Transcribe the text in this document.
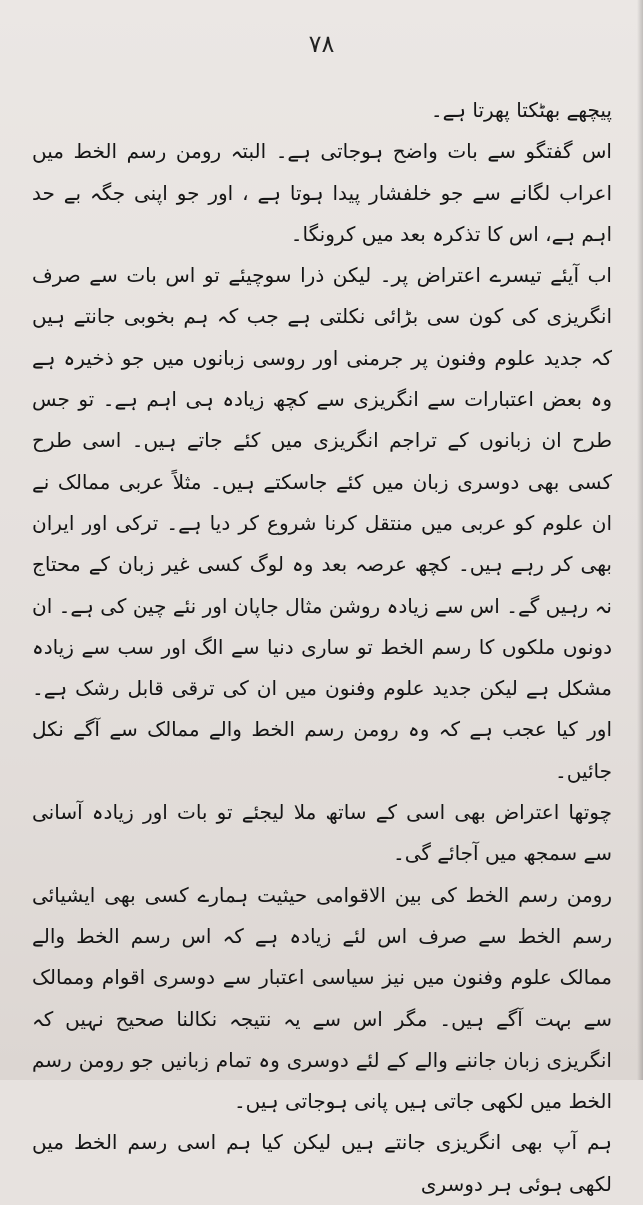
۷۸

پیچھے بھٹکتا پھرتا ہے۔

اس گفتگو سے بات واضح ہوجاتی ہے۔ البتہ رومن رسم الخط میں اعراب لگانے سے جو خلفشار پیدا ہوتا ہے ، اور جو اپنی جگہ بے حد اہم ہے، اس کا تذکرہ بعد میں کرونگا۔

اب آیئے تیسرے اعتراض پر۔ لیکن ذرا سوچیئے تو اس بات سے صرف انگریزی کی کون سی بڑائی نکلتی ہے جب کہ ہم بخوبی جانتے ہیں کہ جدید علوم وفنون پر جرمنی اور روسی زبانوں میں جو ذخیرہ ہے وہ بعض اعتبارات سے انگریزی سے کچھ زیادہ ہی اہم ہے۔ تو جس طرح ان زبانوں کے تراجم انگریزی میں کئے جاتے ہیں۔ اسی طرح کسی بھی دوسری زبان میں کئے جاسکتے ہیں۔ مثلاً عربی ممالک نے ان علوم کو عربی میں منتقل کرنا شروع کر دیا ہے۔ ترکی اور ایران بھی کر رہے ہیں۔ کچھ عرصہ بعد وہ لوگ کسی غیر زبان کے محتاج نہ رہیں گے۔ اس سے زیادہ روشن مثال جاپان اور نئے چین کی ہے۔ ان دونوں ملکوں کا رسم الخط تو ساری دنیا سے الگ اور سب سے زیادہ مشکل ہے لیکن جدید علوم وفنون میں ان کی ترقی قابل رشک ہے۔ اور کیا عجب ہے کہ وہ رومن رسم الخط والے ممالک سے آگے نکل جائیں۔

چوتھا اعتراض بھی اسی کے ساتھ ملا لیجئے تو بات اور زیادہ آسانی سے سمجھ میں آجائے گی۔

رومن رسم الخط کی بین الاقوامی حیثیت ہمارے کسی بھی ایشیائی رسم الخط سے صرف اس لئے زیادہ ہے کہ اس رسم الخط والے ممالک علوم وفنون میں نیز سیاسی اعتبار سے دوسری اقوام وممالک سے بہت آگے ہیں۔ مگر اس سے یہ نتیجہ نکالنا صحیح نہیں کہ انگریزی زبان جاننے والے کے لئے دوسری وہ تمام زبانیں جو رومن رسم الخط میں لکھی جاتی ہیں پانی ہوجاتی ہیں۔

ہم آپ بھی انگریزی جانتے ہیں لیکن کیا ہم اسی رسم الخط میں لکھی ہوئی ہر دوسری
